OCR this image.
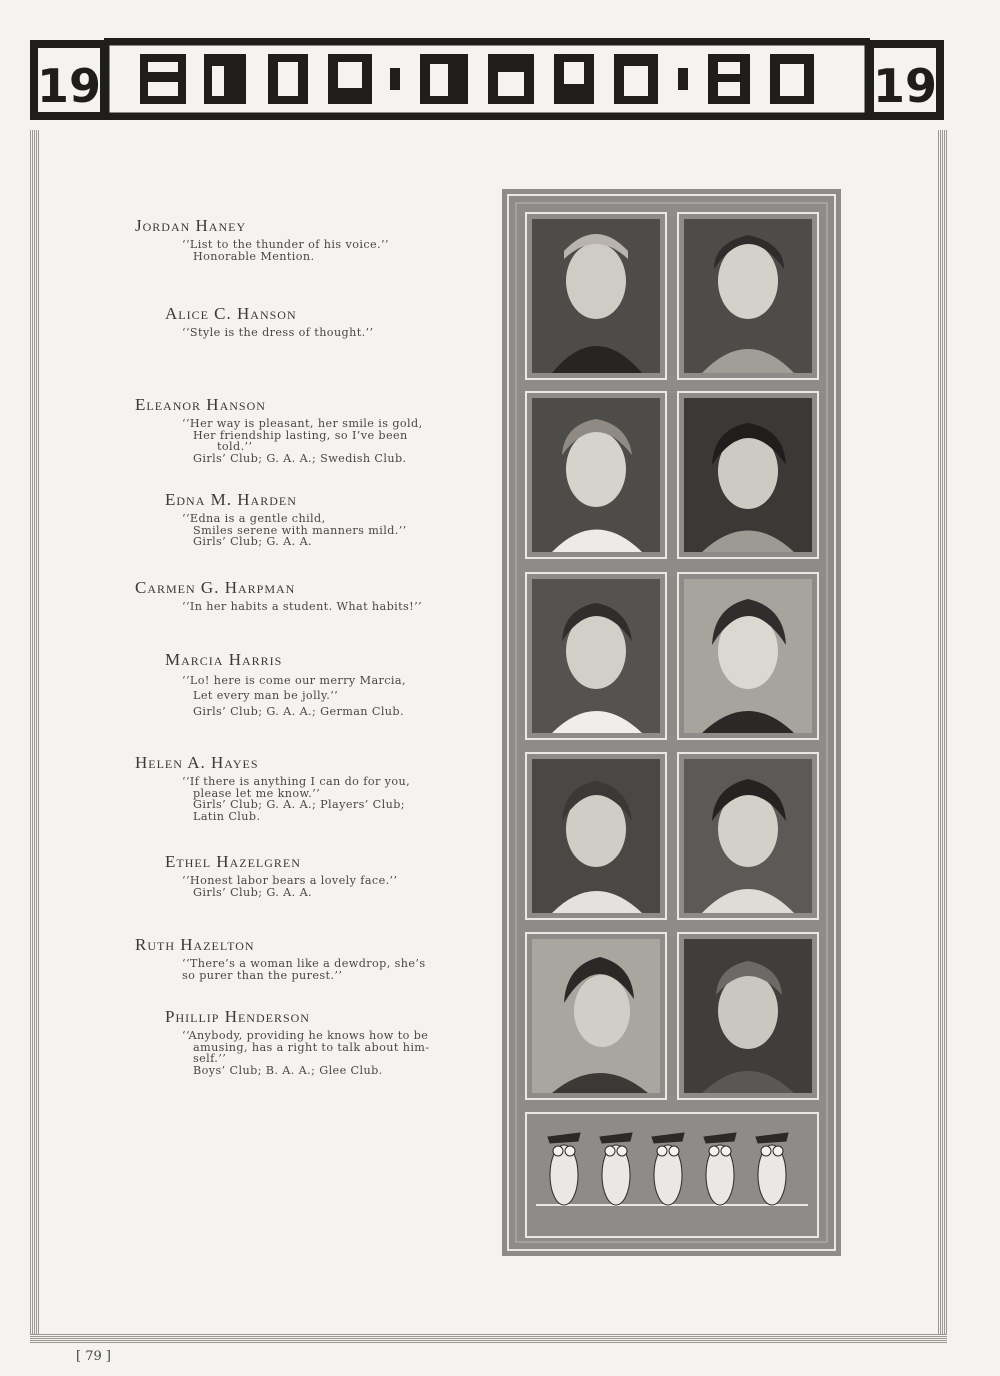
19	19
Jordan Haney
‘‘List to the thunder of his voice.’’
Honorable Mention.
Alice C. Hanson
‘‘Style is the dress of thought.’’
Eleanor Hanson
‘‘Her way is pleasant, her smile is gold,
Her friendship lasting, so I’ve been
told.’’
Girls’ Club; G. A. A.; Swedish Club.
Edna M. Harden
‘‘Edna is a gentle child,
Smiles serene with manners mild.’’
Girls’ Club; G. A. A.
Carmen G. Harpman
‘‘In her habits a student. What habits!’’
Marcia Harris
‘‘Lo! here is come our merry Marcia,
Let every man be jolly.’’
Girls’ Club; G. A. A.; German Club.
Helen A. Hayes
‘‘If there is anything I can do for you,
please let me know.’’
Girls’ Club; G. A. A.; Players’ Club;
Latin Club.
Ethel Hazelgren
‘‘Honest labor bears a lovely face.’’
Girls’ Club; G. A. A.
Ruth Hazelton
‘‘There’s a woman like a dewdrop, she’s
so purer than the purest.’’
Phillip Henderson
‘‘Anybody, providing he knows how to be
amusing, has a right to talk about him-
self.’’
Boys’ Club; B. A. A.; Glee Club.
[ 79 ]
